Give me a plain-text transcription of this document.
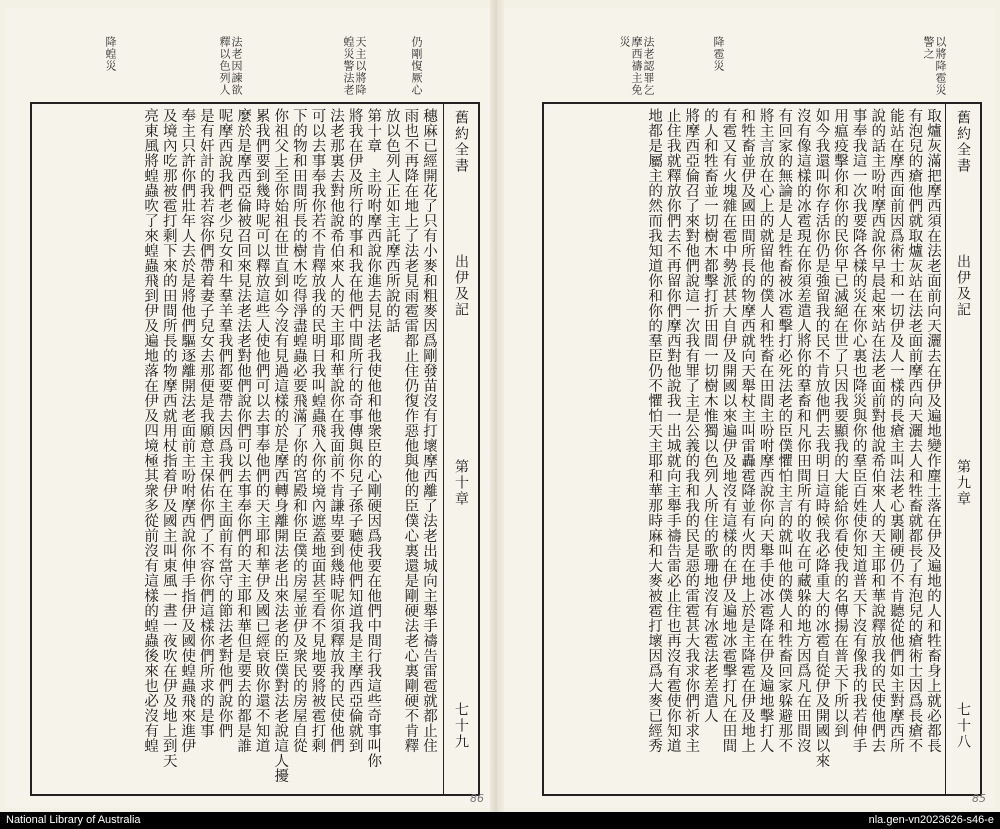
仍剛愎厥心
天主以將降蝗災警法老
法老因諫欲釋以色列人
降蝗災	以將降雹災警之
降雹災
法老認罪乞摩西禱主免災
穗麻已經開花了只有小麥和粗麥因爲剛發苗沒有打壞摩西離了法老出城向主舉手禱告雷雹就都止住
雨也不再降在地上了法老見雨雹雷都止住仍復作惡他與他的臣僕心裏還是剛硬法老心裏剛硬不肯釋
放以色列人正如主託摩西所說的話
第十章　主吩咐摩西說你進去見法老我使他和他衆臣的心剛硬因爲我要在他們中間行我這些奇事叫你
將我在伊及所行的事和我在他們中間所行的奇事傳與你兒子孫子聽使他們知道我是主摩西亞倫就到
法老那裏去對他說希伯來人的天主耶和華說你在我面前不肯謙卑要到幾時呢你須釋放我的民使他們
可以去事奉我你若不肯釋放我的民明日我叫蝗蟲飛入你的境內遮蓋地面甚至看不見地要將被雹打剩
下的物和田間所長的樹木吃得淨盡蝗蟲必要飛滿了你的宮殿和你臣僕的房屋並伊及衆民的房屋自從
你祖父上至你始祖在世直到如今沒有見過這樣的於是摩西轉身離開法老出來法老的臣僕對法老說這人擾
累我們要到幾時呢可以釋放這些人使他們可以去事奉他們的天主耶和華伊及國已經衰敗你還不知道
麼於是摩西亞倫被召回來見法老法老對他們說你們可以去事奉你們的天主耶和華但是要去的都是誰
呢摩西說我們老少兒女和牛羣羊羣我們都要帶去因爲我們在主面前有當守的節法老對他們說你們
是有奸計的我若容你們帶着妻子兒女去那便是我願意主保佑你們了不容你們這樣你們所求的是事
奉主只許你們壯年人去於是將他們驅逐離開法老面前主吩咐摩西說你伸手指伊及國使蝗蟲飛來進伊
及境內吃那被雹打剩下來的田間所長的物摩西就用杖指着伊及國主叫東風一晝一夜吹在伊及地上到天
亮東風將蝗蟲吹了來蝗蟲飛到伊及遍地落在伊及四境極其衆多從前沒有這樣的蝗蟲後來也必沒有蝗	舊約全書
出伊及記
第十章
七十九	取爐灰滿把摩西須在法老面前向天灑去在伊及遍地變作塵土落在伊及遍地的人和牲畜身上就必都長
有泡兒的瘡他們就取爐灰站在法老面前摩西向天灑去人和牲畜就都長了有泡兒的瘡術士因爲長瘡不
能站在摩西面前因爲術士和一切伊及人一樣的長瘡主叫法老心裏剛硬仍不肯聽從他們如主對摩西所
說的話主吩咐摩西說你早晨起來站在法老面前對他說希伯來人的天主耶和華說釋放我的民使他們去
事奉我這一次我要降各樣的災在你心裏也降災與你的羣臣百姓使你知道普天下沒有像我的我若伸手
用瘟疫擊你和你的民你早已滅絕在世了只因我要顯我的大能給你看使我的名傳揚在普天下所以到
如今我還叫你存活你仍是強留我的民不肯放他們去我明日這時候我必降重大的冰雹自從伊及開國以來
沒有像這樣的冰雹現在你須差遣人將你的羣畜和凡你田間所有的收在可藏躲的地方因爲凡在田間沒
有回家的無論是人是牲畜被冰雹擊打必死法老的臣僕懼怕主言的就叫他的僕人和牲畜回家躲避那不
將主言放在心上的就留他的僕人和牲畜在田間主吩咐摩西說你向天舉手使冰雹降在伊及遍地擊打人
和牲畜並伊及國田間所長的物摩西就向天舉杖主叫雷轟雹降並有火閃在地上於是主降雹在伊及地上
有雹又有火塊雜在雹中勢派甚大自伊及開國以來遍伊及地沒有這樣的在伊及遍地冰雹擊打凡在田間
的人和牲畜並一切樹木都擊打折田間一切樹木惟獨以色列人所住的歌珊地沒有冰雹法老差遣人
將摩西亞倫召了來對他們說這一次我有罪了主是公義的我和我的民是惡的雷雹甚大我求你們祈求主
止住我就釋放你們去不再留你們摩西對他說我一出城就向主舉手禱告雷必止住也再沒有雹使你知道
地都是屬主的然而我知道你和你的羣臣仍不懼怕天主耶和華那時麻和大麥被雹打壞因爲大麥已經秀	舊約全書
出伊及記
第九章
七十八
86	85
National Library of Australia	nla.gen-vn2023626-s46-e
